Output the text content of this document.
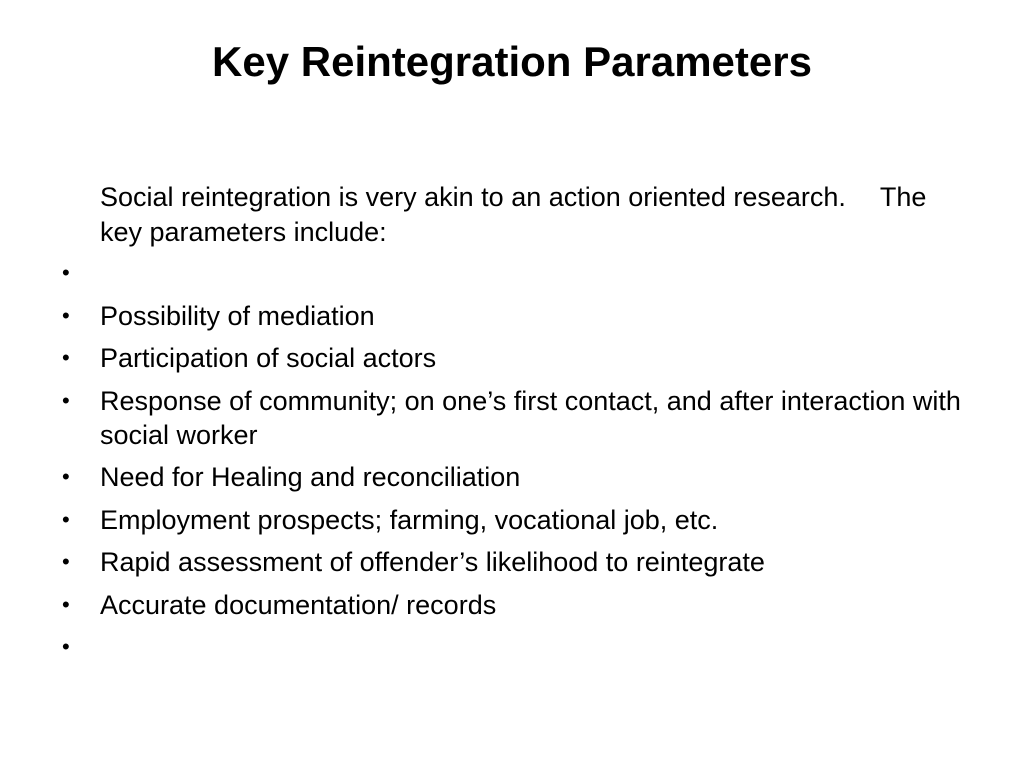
Key Reintegration Parameters

Social reintegration is very akin to an action oriented research.  The key parameters include:

•
• Possibility of mediation
• Participation of social actors
• Response of community; on one’s first contact, and after interaction with social worker
• Need for Healing and reconciliation
• Employment prospects; farming, vocational job, etc.
• Rapid assessment of offender’s likelihood to reintegrate
• Accurate documentation/ records
•
